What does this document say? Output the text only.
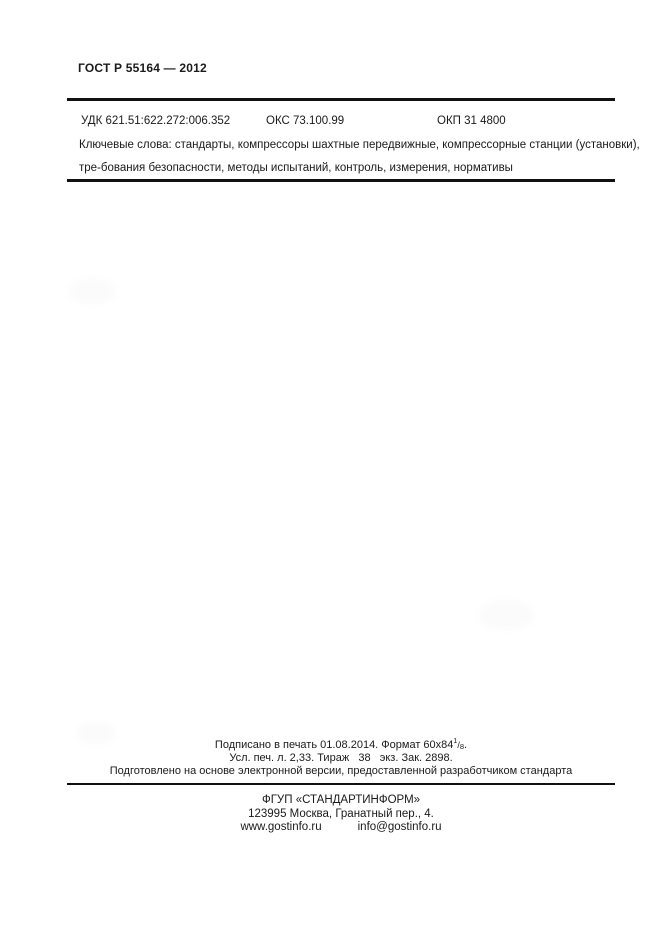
ГОСТ Р 55164 — 2012
УДК 621.51:622.272:006.352	ОКС 73.100.99	ОКП 31 4800
Ключевые слова: стандарты, компрессоры шахтные передвижные, компрессорные станции (установки),
тре-бования безопасности, методы испытаний, контроль, измерения, нормативы
Подписано в печать 01.08.2014. Формат $60х84^1/_8$.
Усл. печ. л. 2,33. Тираж   38   экз. Зак. 2898.
Подготовлено на основе электронной версии, предоставленной разработчиком стандарта
ФГУП «СТАНДАРТИНФОРМ»
123995 Москва, Гранатный пер., 4.
www.gostinfo.ru	info@gostinfo.ru
